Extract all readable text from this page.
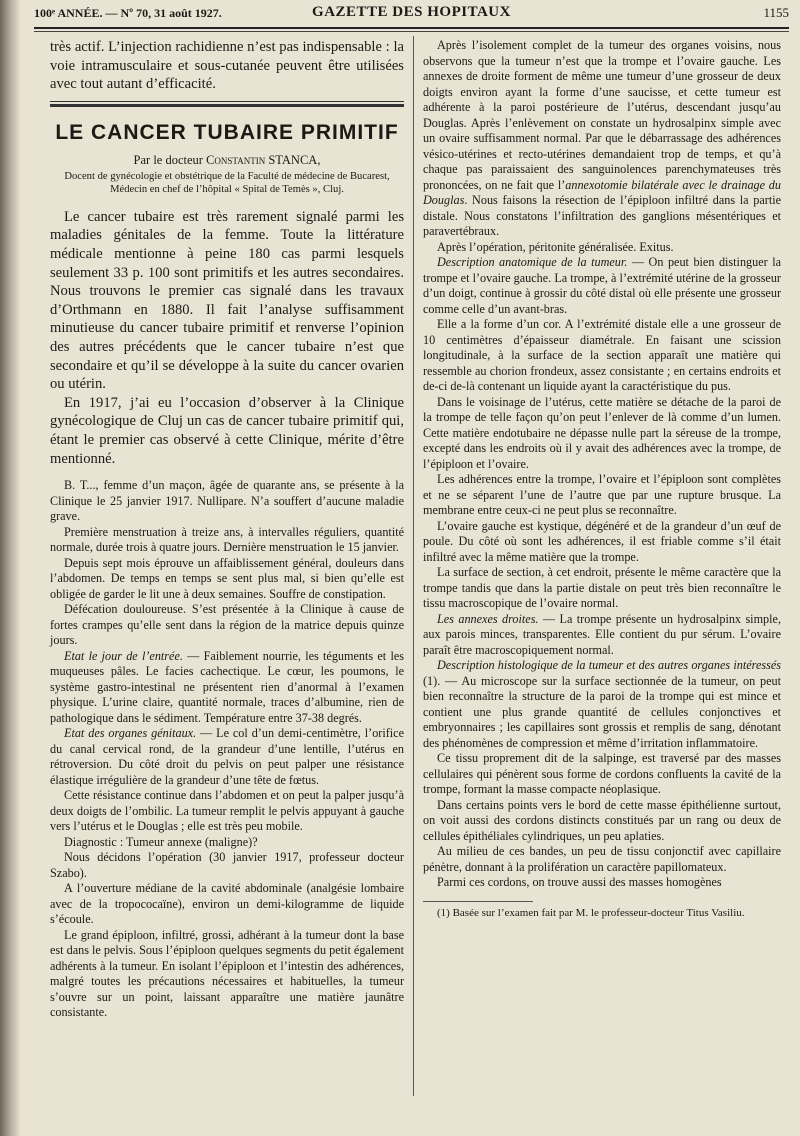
100ᵉ ANNÉE. — Nº 70, 31 août 1927.	GAZETTE DES HOPITAUX	1155

très actif. L’injection rachidienne n’est pas indispensable : la voie intramusculaire et sous-cutanée peuvent être utilisées avec tout autant d’efficacité.

LE CANCER TUBAIRE PRIMITIF

Par le docteur Constantin STANCA,

Docent de gynécologie et obstétrique de la Faculté de médecine de Bucarest,

Médecin en chef de l’hôpital « Spital de Temès », Cluj.

Le cancer tubaire est très rarement signalé parmi les maladies génitales de la femme. Toute la littérature médicale mentionne à peine 180 cas parmi lesquels seulement 33 p. 100 sont primitifs et les autres secondaires. Nous trouvons le premier cas signalé dans les travaux d’Orthmann en 1880. Il fait l’analyse suffisamment minutieuse du cancer tubaire primitif et renverse l’opinion des autres précédents que le cancer tubaire n’est que secondaire et qu’il se développe à la suite du cancer ovarien ou utérin.

En 1917, j’ai eu l’occasion d’observer à la Clinique gynécologique de Cluj un cas de cancer tubaire primitif qui, étant le premier cas observé à cette Clinique, mérite d’être mentionné.

B. T..., femme d’un maçon, âgée de quarante ans, se présente à la Clinique le 25 janvier 1917. Nullipare. N’a souffert d’aucune maladie grave.

Première menstruation à treize ans, à intervalles réguliers, quantité normale, durée trois à quatre jours. Dernière menstruation le 15 janvier.

Depuis sept mois éprouve un affaiblissement général, douleurs dans l’abdomen. De temps en temps se sent plus mal, si bien qu’elle est obligée de garder le lit une à deux semaines. Souffre de constipation.

Défécation douloureuse. S’est présentée à la Clinique à cause de fortes crampes qu’elle sent dans la région de la matrice depuis quinze jours.

Etat le jour de l’entrée. — Faiblement nourrie, les téguments et les muqueuses pâles. Le facies cachectique. Le cœur, les poumons, le système gastro-intestinal ne présentent rien d’anormal à l’examen physique. L’urine claire, quantité normale, traces d’albumine, rien de pathologique dans le sédiment. Température entre 37-38 degrés.

Etat des organes génitaux. — Le col d’un demi-centimètre, l’orifice du canal cervical rond, de la grandeur d’une lentille, l’utérus en rétroversion. Du côté droit du pelvis on peut palper une résistance élastique irrégulière de la grandeur d’une tête de fœtus.

Cette résistance continue dans l’abdomen et on peut la palper jusqu’à deux doigts de l’ombilic. La tumeur remplit le pelvis appuyant à gauche vers l’utérus et le Douglas ; elle est très peu mobile.

Diagnostic : Tumeur annexe (maligne)?

Nous décidons l’opération (30 janvier 1917, professeur docteur Szabo).

A l’ouverture médiane de la cavité abdominale (analgésie lombaire avec de la tropococaïne), environ un demi-kilogramme de liquide s’écoule.

Le grand épiploon, infiltré, grossi, adhérant à la tumeur dont la base est dans le pelvis. Sous l’épiploon quelques segments du petit également adhérents à la tumeur. En isolant l’épiploon et l’intestin des adhérences, malgré toutes les précautions nécessaires et habituelles, la tumeur s’ouvre sur un point, laissant apparaître une matière jaunâtre consistante.

Après l’isolement complet de la tumeur des organes voisins, nous observons que la tumeur n’est que la trompe et l’ovaire gauche. Les annexes de droite forment de même une tumeur d’une grosseur de deux doigts environ ayant la forme d’une saucisse, et cette tumeur est adhérente à la paroi postérieure de l’utérus, descendant jusqu’au Douglas. Après l’enlèvement on constate un hydrosalpinx simple avec un ovaire suffisamment normal. Par que le débarrassage des adhérences vésico-utérines et recto-utérines demandaient trop de temps, et qu’à chaque pas paraissaient des sanguinolences parenchymateuses très prononcées, on ne fait que l’annexotomie bilatérale avec le drainage du Douglas. Nous faisons la résection de l’épiploon infiltré dans la partie distale. Nous constatons l’infiltration des ganglions mésentériques et paravertébraux.

Après l’opération, péritonite généralisée. Exitus.

Description anatomique de la tumeur. — On peut bien distinguer la trompe et l’ovaire gauche. La trompe, à l’extrémité utérine de la grosseur d’un doigt, continue à grossir du côté distal où elle présente une grosseur comme celle d’un avant-bras.

Elle a la forme d’un cor. A l’extrémité distale elle a une grosseur de 10 centimètres d’épaisseur diamétrale. En faisant une scission longitudinale, à la surface de la section apparaît une matière qui ressemble au chorion frondeux, assez consistante ; en certains endroits et de-ci de-là contenant un liquide ayant la caractéristique du pus.

Dans le voisinage de l’utérus, cette matière se détache de la paroi de la trompe de telle façon qu’on peut l’enlever de là comme d’un lumen. Cette matière endotubaire ne dépasse nulle part la séreuse de la trompe, excepté dans les endroits où il y avait des adhérences avec la trompe, de l’épiploon et l’ovaire.

Les adhérences entre la trompe, l’ovaire et l’épiploon sont complètes et ne se séparent l’une de l’autre que par une rupture brusque. La membrane entre ceux-ci ne peut plus se reconnaître.

L’ovaire gauche est kystique, dégénéré et de la grandeur d’un œuf de poule. Du côté où sont les adhérences, il est friable comme s’il était infiltré avec la même matière que la trompe.

La surface de section, à cet endroit, présente le même caractère que la trompe tandis que dans la partie distale on peut très bien reconnaître le tissu macroscopique de l’ovaire normal.

Les annexes droites. — La trompe présente un hydrosalpinx simple, aux parois minces, transparentes. Elle contient du pur sérum. L’ovaire paraît être macroscopiquement normal.

Description histologique de la tumeur et des autres organes intéressés (1). — Au microscope sur la surface sectionnée de la tumeur, on peut bien reconnaître la structure de la paroi de la trompe qui est mince et contient une plus grande quantité de cellules conjonctives et embryonnaires ; les capillaires sont grossis et remplis de sang, dénotant des phénomènes de compression et même d’irritation inflammatoire.

Ce tissu proprement dit de la salpinge, est traversé par des masses cellulaires qui pénèrent sous forme de cordons confluents la cavité de la trompe, formant la masse compacte néoplasique.

Dans certains points vers le bord de cette masse épithélienne surtout, on voit aussi des cordons distincts constitués par un rang ou deux de cellules épithéliales cylindriques, un peu aplaties.

Au milieu de ces bandes, un peu de tissu conjonctif avec capillaire pénètre, donnant à la prolifération un caractère papillomateux.

Parmi ces cordons, on trouve aussi des masses homogènes

(1) Basée sur l’examen fait par M. le professeur-docteur Titus Vasiliu.
